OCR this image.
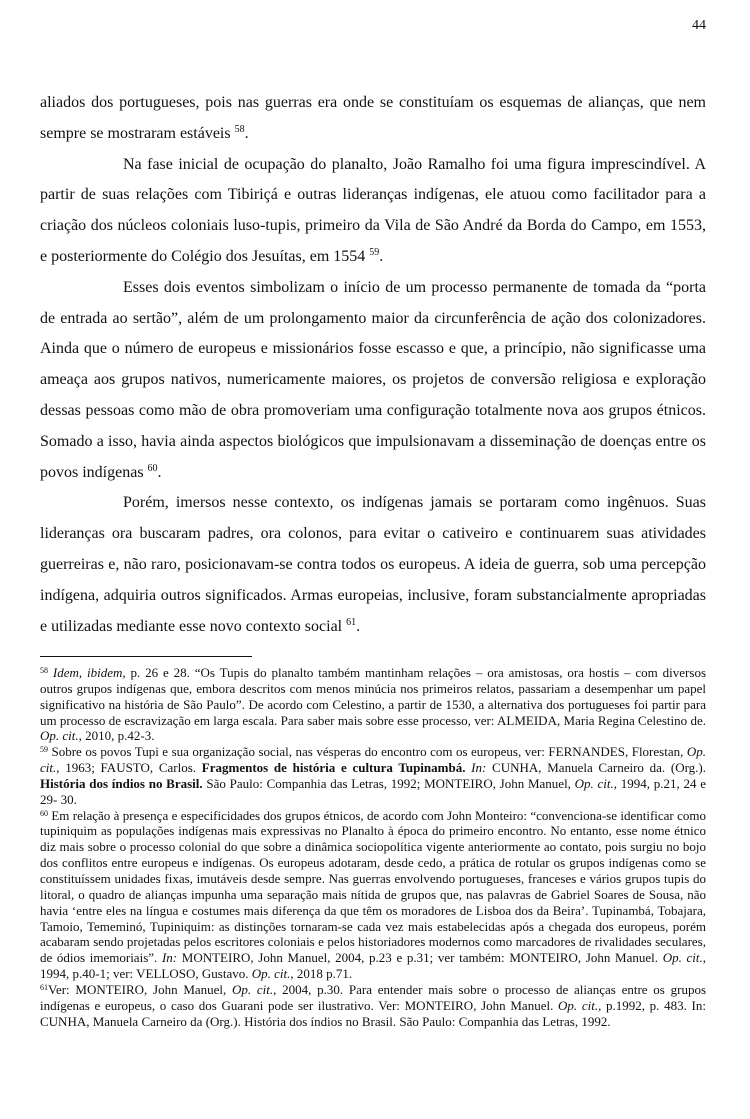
44

aliados dos portugueses, pois nas guerras era onde se constituíam os esquemas de alianças, que nem sempre se mostraram estáveis $^{58}$.

Na fase inicial de ocupação do planalto, João Ramalho foi uma figura imprescindível. A partir de suas relações com Tibiriçá e outras lideranças indígenas, ele atuou como facilitador para a criação dos núcleos coloniais luso-tupis, primeiro da Vila de São André da Borda do Campo, em 1553, e posteriormente do Colégio dos Jesuítas, em 1554 $^{59}$.

Esses dois eventos simbolizam o início de um processo permanente de tomada da “porta de entrada ao sertão”, além de um prolongamento maior da circunferência de ação dos colonizadores. Ainda que o número de europeus e missionários fosse escasso e que, a princípio, não significasse uma ameaça aos grupos nativos, numericamente maiores, os projetos de conversão religiosa e exploração dessas pessoas como mão de obra promoveriam uma configuração totalmente nova aos grupos étnicos. Somado a isso, havia ainda aspectos biológicos que impulsionavam a disseminação de doenças entre os povos indígenas $^{60}$.

Porém, imersos nesse contexto, os indígenas jamais se portaram como ingênuos. Suas lideranças ora buscaram padres, ora colonos, para evitar o cativeiro e continuarem suas atividades guerreiras e, não raro, posicionavam-se contra todos os europeus. A ideia de guerra, sob uma percepção indígena, adquiria outros significados. Armas europeias, inclusive, foram substancialmente apropriadas e utilizadas mediante esse novo contexto social $^{61}$.

$^{58}$ Idem, ibidem, p. 26 e 28. “Os Tupis do planalto também mantinham relações – ora amistosas, ora hostis – com diversos outros grupos indígenas que, embora descritos com menos minúcia nos primeiros relatos, passariam a desempenhar um papel significativo na história de São Paulo”. De acordo com Celestino, a partir de 1530, a alternativa dos portugueses foi partir para um processo de escravização em larga escala. Para saber mais sobre esse processo, ver: ALMEIDA, Maria Regina Celestino de. Op. cit., 2010, p.42-3.

$^{59}$ Sobre os povos Tupi e sua organização social, nas vésperas do encontro com os europeus, ver: FERNANDES, Florestan, Op. cit., 1963; FAUSTO, Carlos. Fragmentos de história e cultura Tupinambá. In: CUNHA, Manuela Carneiro da. (Org.). História dos índios no Brasil. São Paulo: Companhia das Letras, 1992; MONTEIRO, John Manuel, Op. cit., 1994, p.21, 24 e 29- 30.

$^{60}$ Em relação à presença e especificidades dos grupos étnicos, de acordo com John Monteiro: “convenciona-se identificar como tupiniquim as populações indígenas mais expressivas no Planalto à época do primeiro encontro. No entanto, esse nome étnico diz mais sobre o processo colonial do que sobre a dinâmica sociopolítica vigente anteriormente ao contato, pois surgiu no bojo dos conflitos entre europeus e indígenas. Os europeus adotaram, desde cedo, a prática de rotular os grupos indígenas como se constituíssem unidades fixas, imutáveis desde sempre. Nas guerras envolvendo portugueses, franceses e vários grupos tupis do litoral, o quadro de alianças impunha uma separação mais nítida de grupos que, nas palavras de Gabriel Soares de Sousa, não havia ‘entre eles na língua e costumes mais diferença da que têm os moradores de Lisboa dos da Beira’. Tupinambá, Tobajara, Tamoio, Tememinó, Tupiniquim: as distinções tornaram-se cada vez mais estabelecidas após a chegada dos europeus, porém acabaram sendo projetadas pelos escritores coloniais e pelos historiadores modernos como marcadores de rivalidades seculares, de ódios imemoriais”. In: MONTEIRO, John Manuel, 2004, p.23 e p.31; ver também: MONTEIRO, John Manuel. Op. cit., 1994, p.40-1; ver: VELLOSO, Gustavo. Op. cit., 2018 p.71.

$^{61}$Ver: MONTEIRO, John Manuel, Op. cit., 2004, p.30. Para entender mais sobre o processo de alianças entre os grupos indígenas e europeus, o caso dos Guarani pode ser ilustrativo. Ver: MONTEIRO, John Manuel. Op. cit., p.1992, p. 483. In: CUNHA, Manuela Carneiro da (Org.). História dos índios no Brasil. São Paulo: Companhia das Letras, 1992.
